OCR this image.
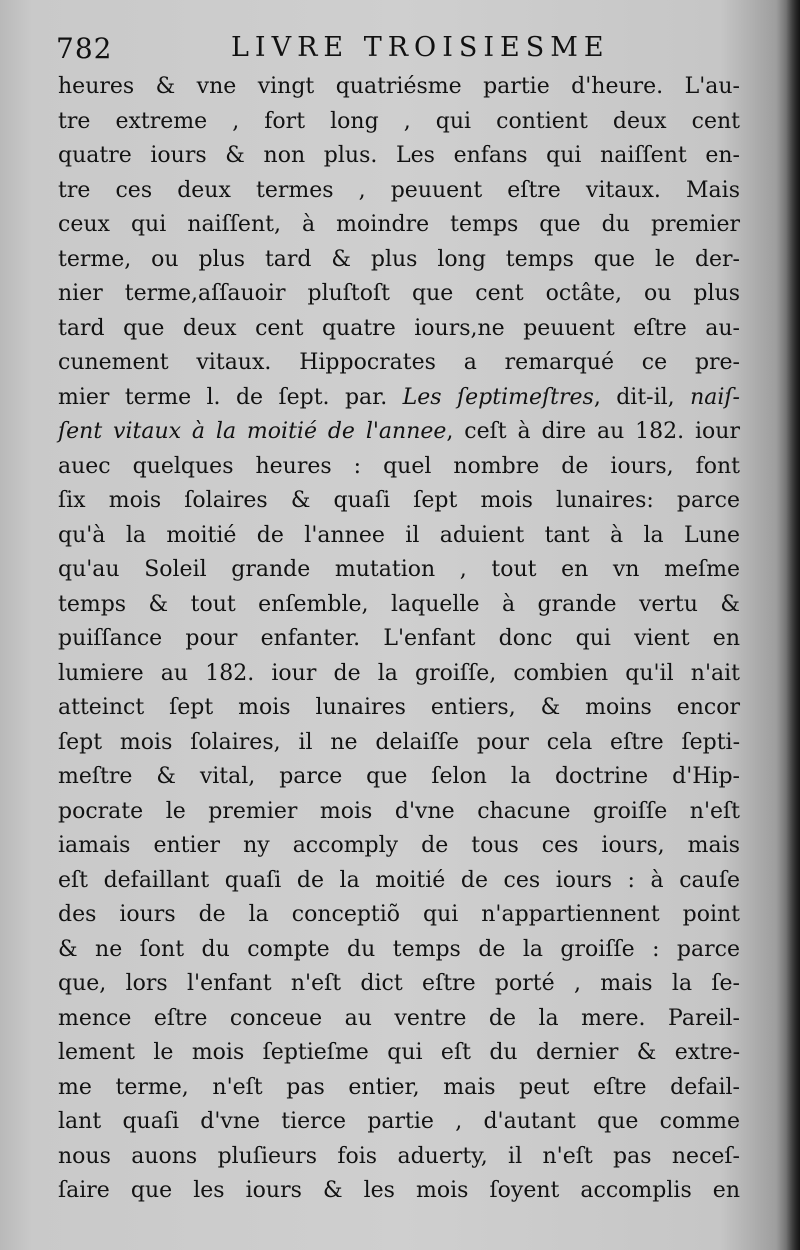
782	LIVRE TROISIESME
heures & vne vingt quatriésme partie d'heure. L'au-
tre extreme , fort long , qui contient deux cent
quatre iours & non plus. Les enfans qui naiſſent en-
tre ces deux termes , peuuent eſtre vitaux. Mais
ceux qui naiſſent, à moindre temps que du premier
terme, ou plus tard & plus long temps que le der-
nier terme,aſſauoir pluſtoſt que cent octâte, ou plus
tard que deux cent quatre iours,ne peuuent eſtre au-
cunement vitaux. Hippocrates a remarqué ce pre-
mier terme l. de ſept. par. Les ſeptimeſtres, dit-il, naiſ-
ſent vitaux à la moitié de l'annee, ceſt à dire au 182. iour
auec quelques heures : quel nombre de iours, font
ſix mois ſolaires & quaſi ſept mois lunaires: parce
qu'à la moitié de l'annee il aduient tant à la Lune
qu'au Soleil grande mutation , tout en vn meſme
temps & tout enſemble, laquelle à grande vertu &
puiſſance pour enfanter. L'enfant donc qui vient en
lumiere au 182. iour de la groiſſe, combien qu'il n'ait
atteinct ſept mois lunaires entiers, & moins encor
ſept mois ſolaires, il ne delaiſſe pour cela eſtre ſepti-
meſtre & vital, parce que ſelon la doctrine d'Hip-
pocrate le premier mois d'vne chacune groiſſe n'eſt
iamais entier ny accomply de tous ces iours, mais
eſt defaillant quaſi de la moitié de ces iours : à cauſe
des iours de la conceptiõ qui n'appartiennent point
& ne ſont du compte du temps de la groiſſe : parce
que, lors l'enfant n'eſt dict eſtre porté , mais la ſe-
mence eſtre conceue au ventre de la mere. Pareil-
lement le mois ſeptieſme qui eſt du dernier & extre-
me terme, n'eſt pas entier, mais peut eſtre defail-
lant quaſi d'vne tierce partie , d'autant que comme
nous auons pluſieurs fois aduerty, il n'eſt pas neceſ-
ſaire que les iours & les mois ſoyent accomplis en
